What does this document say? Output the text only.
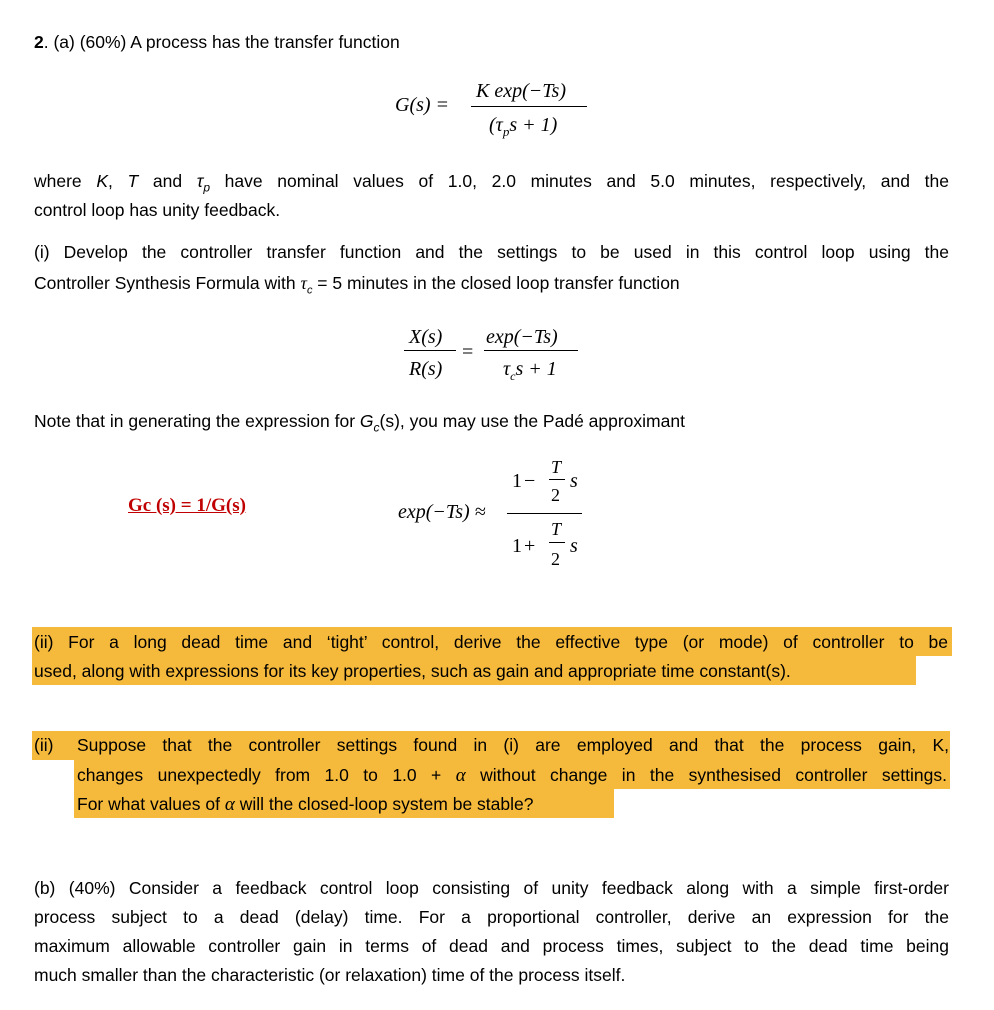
2. (a) (60%) A process has the transfer function
G(s) =
K exp(−Ts)
$(\tau_ps + 1)$
where K, T and $\tau_p$ have nominal values of 1.0, 2.0 minutes and 5.0 minutes, respectively, and the
control loop has unity feedback.
(i) Develop the controller transfer function and the settings to be used in this control loop using the
Controller Synthesis Formula with $\tau_c = 5$ minutes in the closed loop transfer function
X(s)
R(s)
=
exp(−Ts)
$\tau_cs + 1$
Note that in generating the expression for $G_c(s)$, you may use the Padé approximant
Gc (s) = 1/G(s)	exp(−Ts) ≈
1 −
T
2
s
1 +
T
2
s
(ii) For a long dead time and ‘tight’ control, derive the effective type (or mode) of controller to be
used, along with expressions for its key properties, such as gain and appropriate time constant(s).
(ii) Suppose that the controller settings found in (i) are employed and that the process gain, K,
changes unexpectedly from 1.0 to 1.0 + α without change in the synthesised controller settings.
For what values of α will the closed-loop system be stable?
(b) (40%) Consider a feedback control loop consisting of unity feedback along with a simple first-order
process subject to a dead (delay) time. For a proportional controller, derive an expression for the
maximum allowable controller gain in terms of dead and process times, subject to the dead time being
much smaller than the characteristic (or relaxation) time of the process itself.
